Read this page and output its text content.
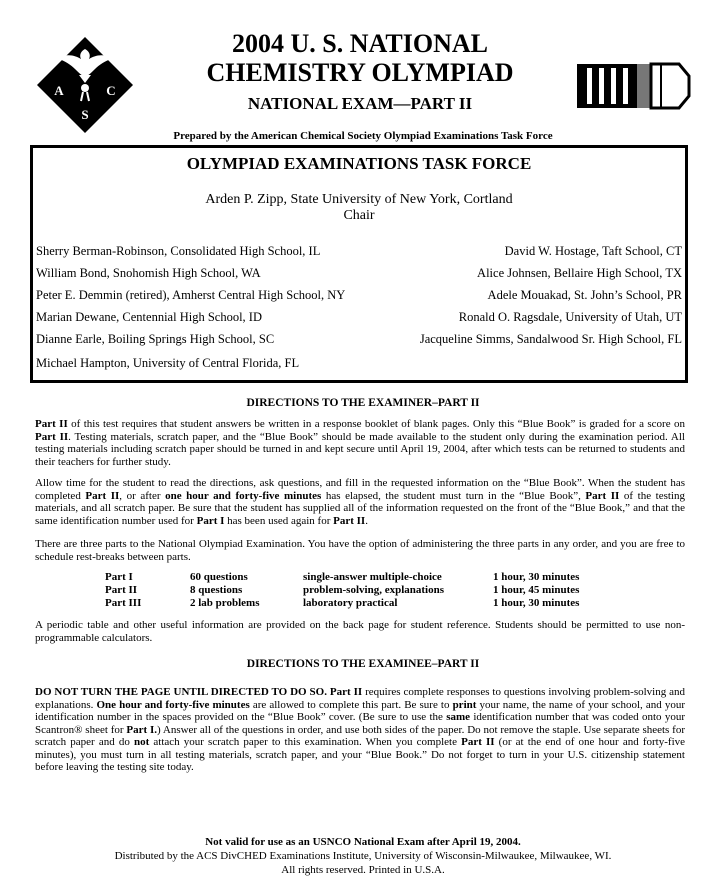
A	C
S
2004 U. S. NATIONAL
CHEMISTRY OLYMPIAD
NATIONAL EXAM—PART II
Prepared by the American Chemical Society Olympiad Examinations Task Force
OLYMPIAD EXAMINATIONS TASK FORCE
Arden P. Zipp, State University of New York, Cortland
Chair
Sherry Berman-Robinson, Consolidated High School, IL
William Bond, Snohomish High School, WA
Peter E. Demmin (retired), Amherst Central High School, NY
Marian Dewane, Centennial High School, ID
Dianne Earle, Boiling Springs High School, SC
Michael Hampton, University of Central Florida, FL
David W. Hostage, Taft School, CT
Alice Johnsen, Bellaire High School, TX
Adele Mouakad, St. John’s School, PR
Ronald O. Ragsdale, University of Utah, UT
Jacqueline Simms, Sandalwood Sr. High School, FL
DIRECTIONS TO THE EXAMINER–PART II
Part II of this test requires that student answers be written in a response booklet of blank pages. Only this “Blue Book” is graded for a score on Part II. Testing materials, scratch paper, and the “Blue Book” should be made available to the student only during the examination period. All testing materials including scratch paper should be turned in and kept secure until April 19, 2004, after which tests can be returned to students and their teachers for further study.
Allow time for the student to read the directions, ask questions, and fill in the requested information on the “Blue Book”. When the student has completed Part II, or after one hour and forty-five minutes has elapsed, the student must turn in the “Blue Book”, Part II of the testing materials, and all scratch paper. Be sure that the student has supplied all of the information requested on the front of the “Blue Book,” and that the same identification number used for Part I has been used again for Part II.
There are three parts to the National Olympiad Examination. You have the option of administering the three parts in any order, and you are free to schedule rest-breaks between parts.
Part I	60 questions	single-answer multiple-choice	1 hour, 30 minutes
Part II	8 questions	problem-solving, explanations	1 hour, 45 minutes
Part III	2 lab problems	laboratory practical	1 hour, 30 minutes
A periodic table and other useful information are provided on the back page for student reference. Students should be permitted to use non-programmable calculators.
DIRECTIONS TO THE EXAMINEE–PART II
DO NOT TURN THE PAGE UNTIL DIRECTED TO DO SO. Part II requires complete responses to questions involving problem-solving and explanations. One hour and forty-five minutes are allowed to complete this part. Be sure to print your name, the name of your school, and your identification number in the spaces provided on the “Blue Book” cover. (Be sure to use the same identification number that was coded onto your Scantron® sheet for Part I.) Answer all of the questions in order, and use both sides of the paper. Do not remove the staple. Use separate sheets for scratch paper and do not attach your scratch paper to this examination. When you complete Part II (or at the end of one hour and forty-five minutes), you must turn in all testing materials, scratch paper, and your “Blue Book.” Do not forget to turn in your U.S. citizenship statement before leaving the testing site today.
Not valid for use as an USNCO National Exam after April 19, 2004.
Distributed by the ACS DivCHED Examinations Institute, University of Wisconsin-Milwaukee, Milwaukee, WI.
All rights reserved. Printed in U.S.A.
